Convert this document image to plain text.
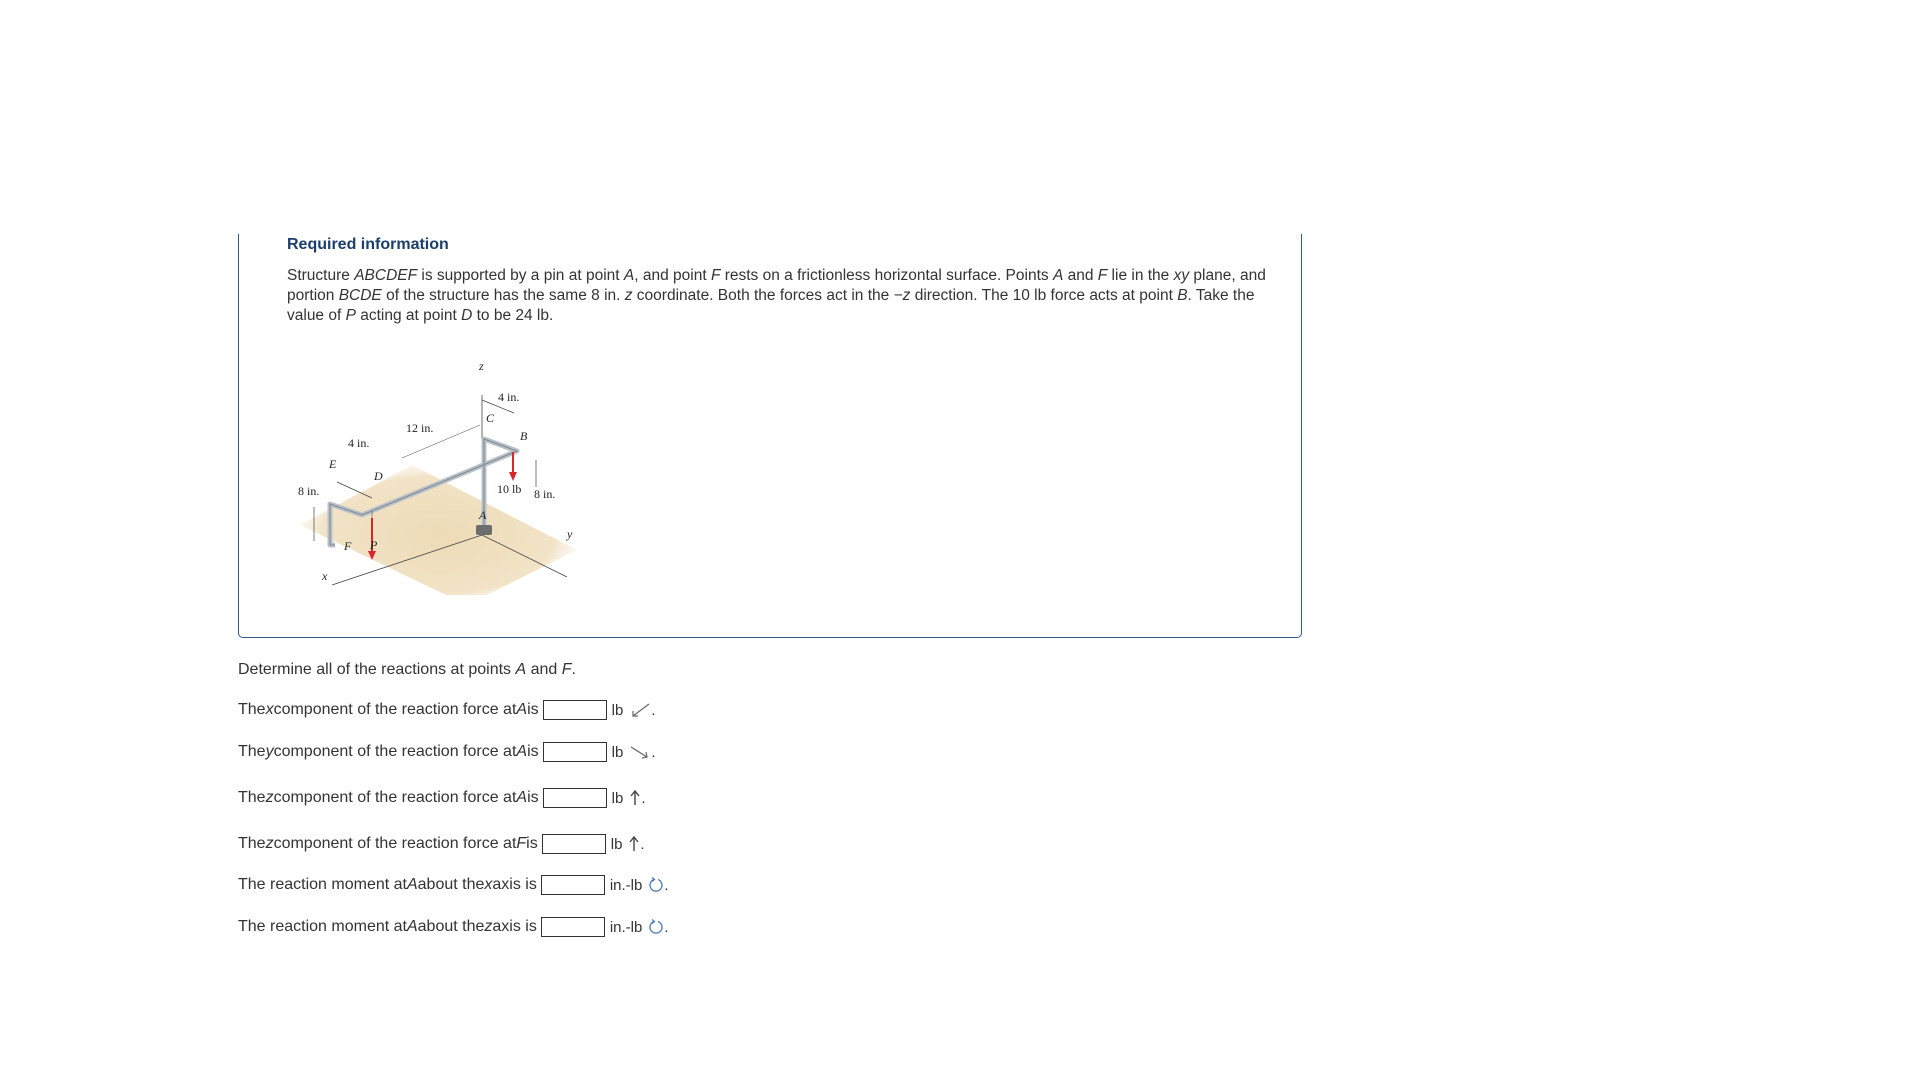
Required information
Structure ABCDEF is supported by a pin at point A, and point F rests on a frictionless horizontal surface. Points A and F lie in the xy plane, and portion BCDE of the structure has the same 8 in. z coordinate. Both the forces act in the −z direction. The 10 lb force acts at point B. Take the value of P acting at point D to be 24 lb.
z
4 in.
C
B
12 in.
4 in.
E
D
8 in.	10 lb 8 in.
A
F P
y
x
Determine all of the reactions at points A and F.
The x component of the reaction force at A is	lb .
The y component of the reaction force at A is	lb .
The z component of the reaction force at A is	lb .
The z component of the reaction force at F is	lb .
The reaction moment at A about the x axis is	in.-lb .
The reaction moment at A about the z axis is	in.-lb .
